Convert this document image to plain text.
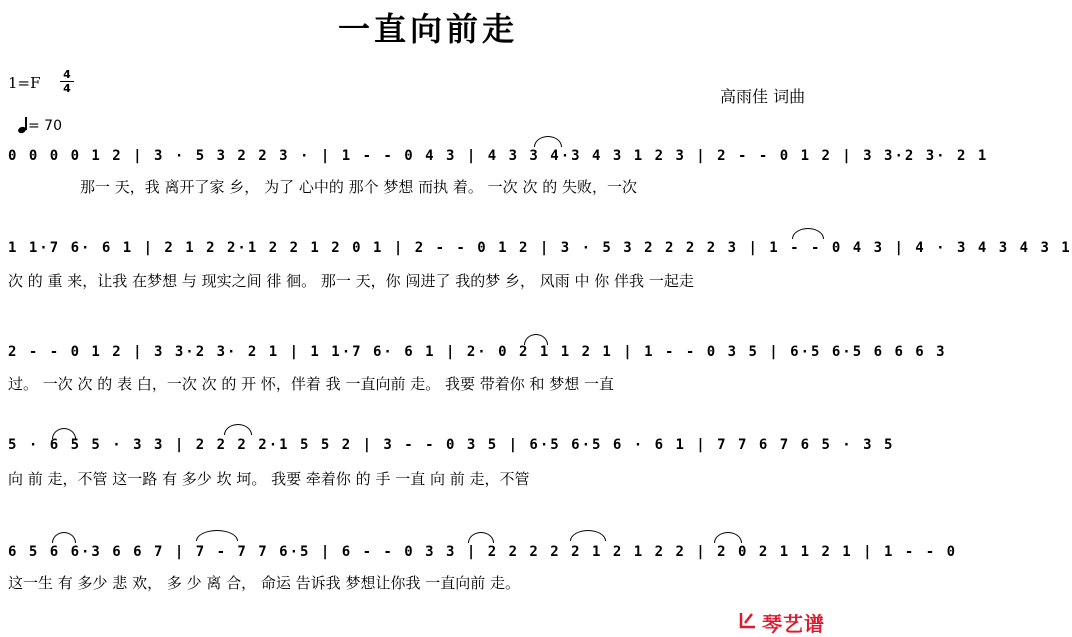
一直向前走
1=F 4
4	高雨佳 词曲
= 70
0 0 0 0 1 2 | 3 · 5 3 2 2 3 · | 1 - - 0 4 3 | 4 3 3 4·3 4 3 1 2 3 | 2 - - 0 1 2 | 3 3·2 3· 2 1
那一 天，我 离开了家 乡， 为了 心中的 那个 梦想 而执 着。 一次 次 的 失败，一次
1 1·7 6· 6 1 | 2 1 2 2·1 2 2 1 2 0 1 | 2 - - 0 1 2 | 3 · 5 3 2 2 2 2 3 | 1 - - 0 4 3 | 4 · 3 4 3 4 3 1
次 的 重 来，让我 在梦想 与 现实之间 徘 徊。 那一 天，你 闯进了 我的梦 乡， 风雨 中 你 伴我 一起走
2 - - 0 1 2 | 3 3·2 3· 2 1 | 1 1·7 6· 6 1 | 2· 0 2 1 1 2 1 | 1 - - 0 3 5 | 6·5 6·5 6 6 6 3
过。 一次 次 的 表 白，一次 次 的 开 怀，伴着 我 一直向前 走。 我要 带着你 和 梦想 一直
5 · 6 5 5 · 3 3 | 2 2 2 2·1 5 5 2 | 3 - - 0 3 5 | 6·5 6·5 6 · 6 1 | 7 7 6 7 6 5 · 3 5
向 前 走，不管 这一路 有 多少 坎 坷。 我要 牵着你 的 手 一直 向 前 走，不管
6 5 6 6·3 6 6 7 | 7 - 7 7 6·5 | 6 - - 0 3 3 | 2 2 2 2 2 1 2 1 2 2 | 2 0 2 1 1 2 1 | 1 - - 0
这一生 有 多少 悲 欢， 多 少 离 合， 命运 告诉我 梦想让你我 一直向前 走。
琴艺谱
